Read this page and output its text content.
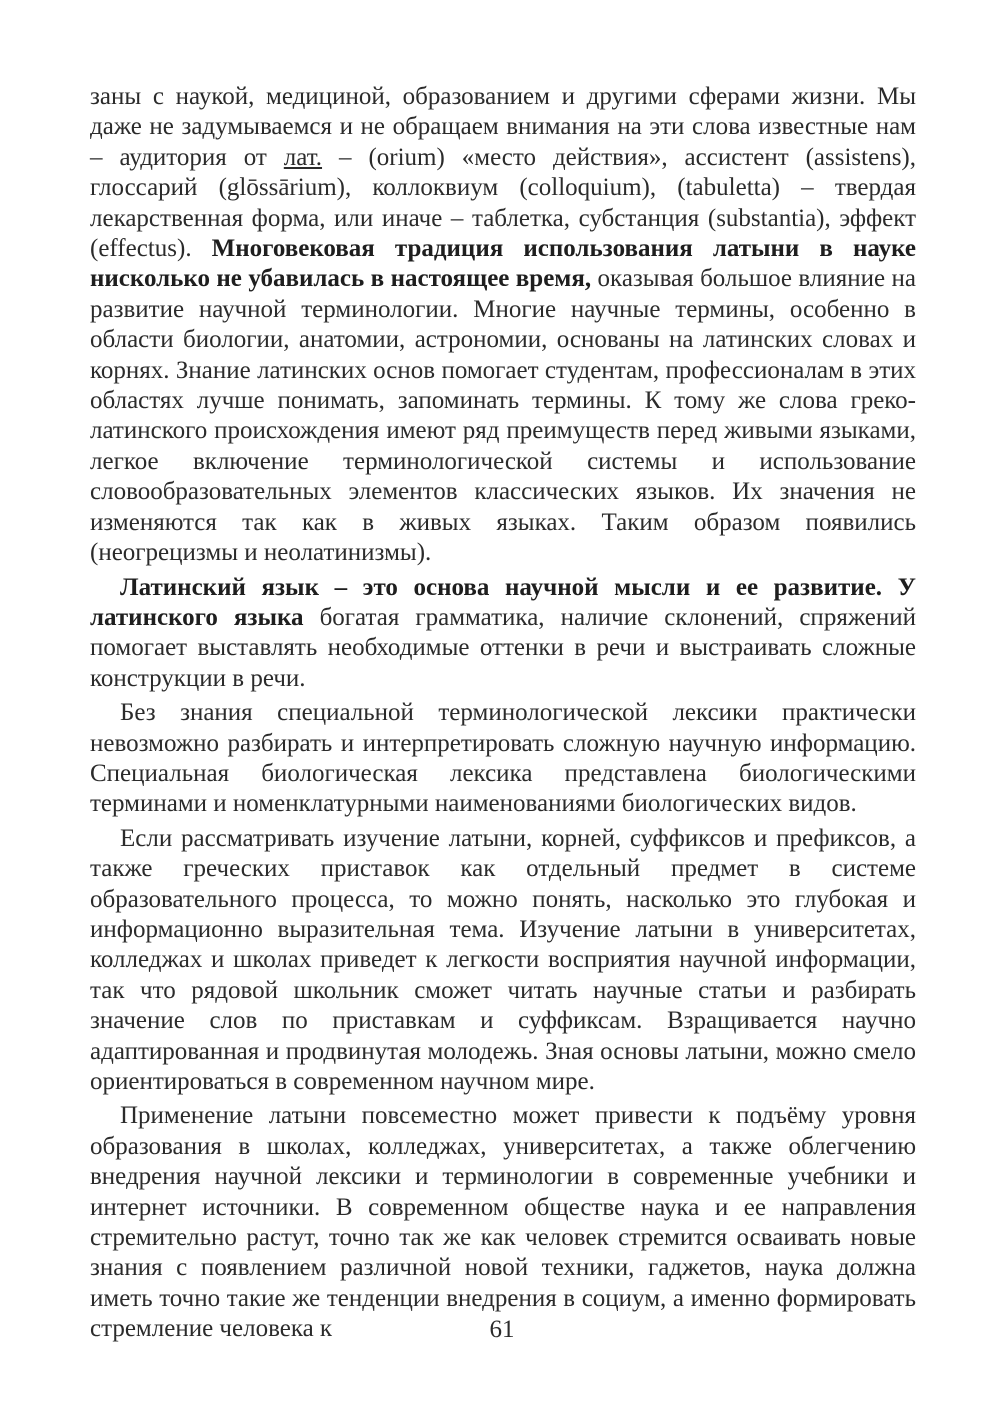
заны с наукой, медициной, образованием и другими сферами жизни. Мы даже не задумываемся и не обращаем внимания на эти слова известные нам – аудитория от лат. – (orium) «место действия», ассистент (assistens), глоссарий (glōssārium), коллоквиум (colloquium), (tabuletta) – твердая лекарственная форма, или иначе – таблетка, субстанция (substantia), эффект (effectus). Многовековая традиция использования латыни в науке нисколько не убавилась в настоящее время, оказывая большое влияние на развитие научной терминологии. Многие научные термины, особенно в области биологии, анатомии, астрономии, основаны на латинских словах и корнях. Знание латинских основ помогает студентам, профессионалам в этих областях лучше понимать, запоминать термины. К тому же слова греко-латинского происхождения имеют ряд преимуществ перед живыми языками, легкое включение терминологической системы и использование словообразовательных элементов классических языков. Их значения не изменяются так как в живых языках. Таким образом появились (неогрецизмы и неолатинизмы).

Латинский язык – это основа научной мысли и ее развитие. У латинского языка богатая грамматика, наличие склонений, спряжений помогает выставлять необходимые оттенки в речи и выстраивать сложные конструкции в речи.

Без знания специальной терминологической лексики практически невозможно разбирать и интерпретировать сложную научную информацию. Специальная биологическая лексика представлена биологическими терминами и номенклатурными наименованиями биологических видов.

Если рассматривать изучение латыни, корней, суффиксов и префиксов, а также греческих приставок как отдельный предмет в системе образовательного процесса, то можно понять, насколько это глубокая и информационно выразительная тема. Изучение латыни в университетах, колледжах и школах приведет к легкости восприятия научной информации, так что рядовой школьник сможет читать научные статьи и разбирать значение слов по приставкам и суффиксам. Взращивается научно адаптированная и продвинутая молодежь. Зная основы латыни, можно смело ориентироваться в современном научном мире.

Применение латыни повсеместно может привести к подъёму уровня образования в школах, колледжах, университетах, а также облегчению внедрения научной лексики и терминологии в современные учебники и интернет источники. В современном обществе наука и ее направления стремительно растут, точно так же как человек стремится осваивать новые знания с появлением различной новой техники, гаджетов, наука должна иметь точно такие же тенденции внедрения в социум, а именно формировать стремление человека к	61
